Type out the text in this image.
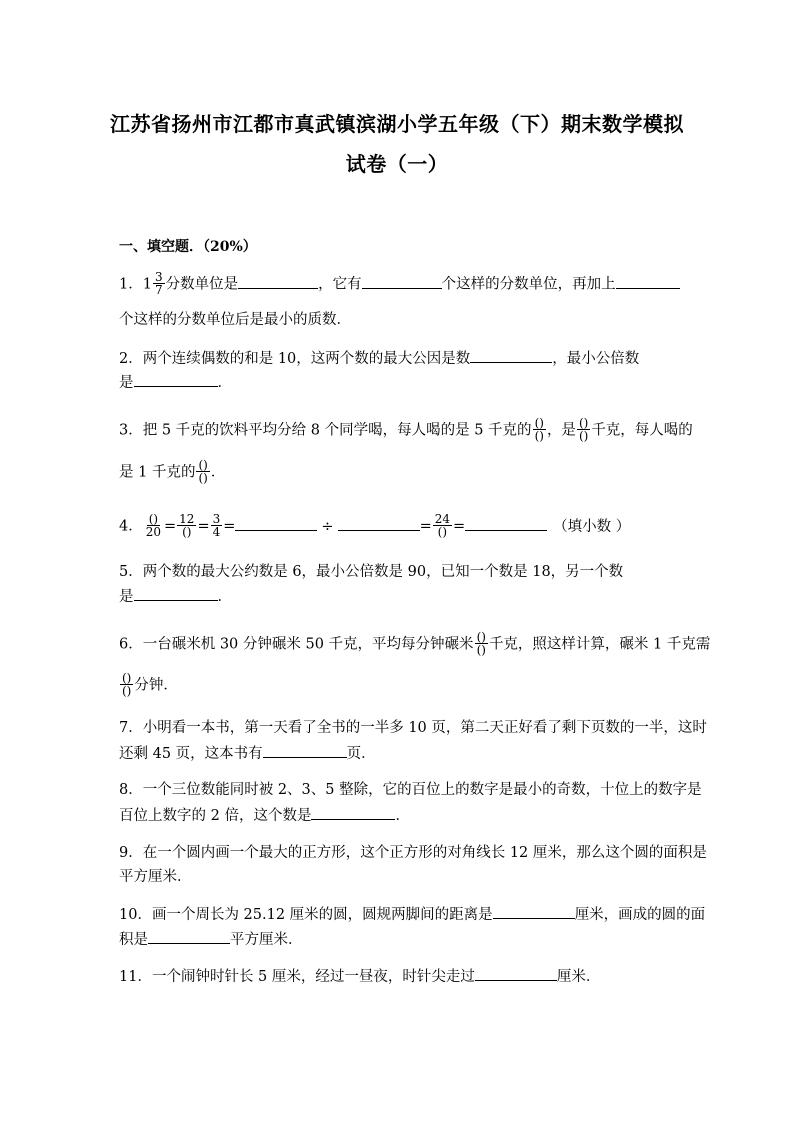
江苏省扬州市江都市真武镇滨湖小学五年级（下）期末数学模拟
试卷（一）
一、填空题．（20%）
1．$1 \frac{3}{7}$ 分数单位是	，它有	个这样的分数单位，再加上
个这样的分数单位后是最小的质数．
2．两个连续偶数的和是 10，这两个数的最大公因是数	，最小公倍数
是	．
3．把 5 千克的饮料平均分给 8 个同学喝，每人喝的是 5 千克的 $\frac{()}{()}$ ，是 $\frac{()}{()}$ 千克，每人喝的
是 1 千克的 $\frac{()}{()}$ ．
4． $\frac{()}{20} = \frac{12}{()} = \frac{3}{4}$ =	÷	= $\frac{24}{()}$ =	（填小数 ）
5．两个数的最大公约数是 6，最小公倍数是 90，已知一个数是 18，另一个数
是	．
6．一台碾米机 30 分钟碾米 50 千克，平均每分钟碾米 $\frac{()}{()}$ 千克，照这样计算，碾米 1 千克需
$\frac{()}{()}$ 分钟．
7．小明看一本书，第一天看了全书的一半多 10 页，第二天正好看了剩下页数的一半，这时
还剩 45 页，这本书有	页．
8．一个三位数能同时被 2、3、5 整除，它的百位上的数字是最小的奇数，十位上的数字是
百位上数字的 2 倍，这个数是	．
9．在一个圆内画一个最大的正方形，这个正方形的对角线长 12 厘米，那么这个圆的面积是
平方厘米．
10．画一个周长为 25.12 厘米的圆，圆规两脚间的距离是	厘米，画成的圆的面
积是	平方厘米．
11．一个闹钟时针长 5 厘米，经过一昼夜，时针尖走过	厘米．
